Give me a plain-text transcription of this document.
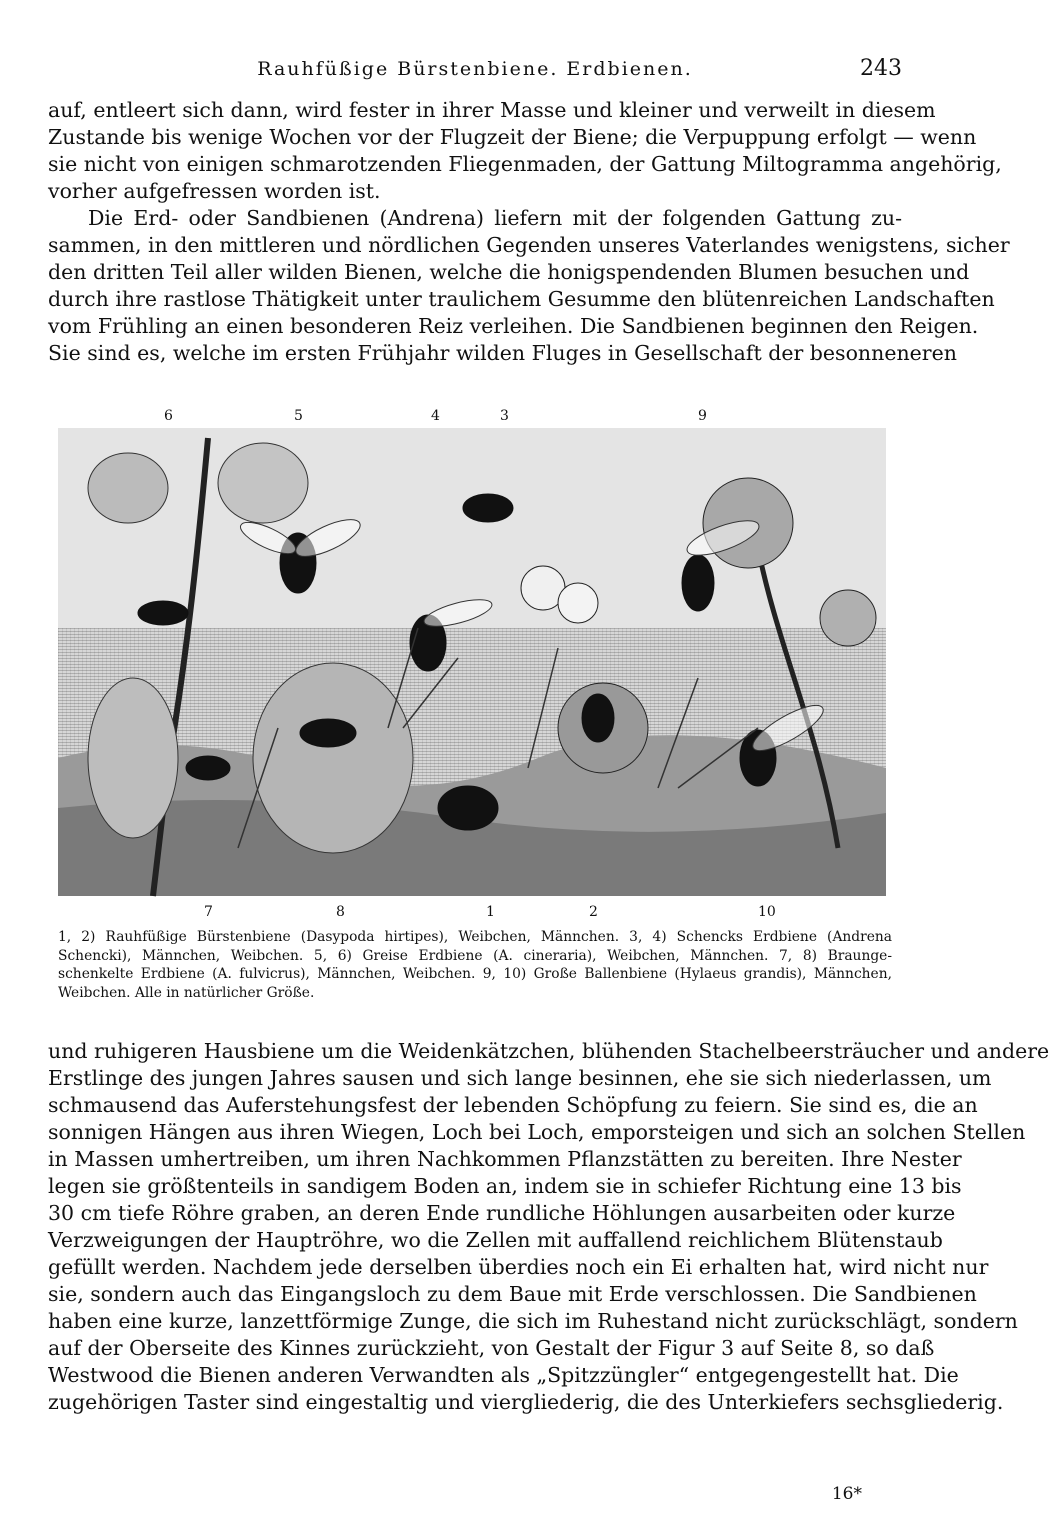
Rauhfüßige Bürstenbiene. Erdbienen.	243
auf, entleert sich dann, wird fester in ihrer Masse und kleiner und verweilt in diesem
Zustande bis wenige Wochen vor der Flugzeit der Biene; die Verpuppung erfolgt — wenn
sie nicht von einigen schmarotzenden Fliegenmaden, der Gattung Miltogramma angehörig,
vorher aufgefressen worden ist.
Die Erd- oder Sandbienen (Andrena) liefern mit der folgenden Gattung zu-
sammen, in den mittleren und nördlichen Gegenden unseres Vaterlandes wenigstens, sicher
den dritten Teil aller wilden Bienen, welche die honigspendenden Blumen besuchen und
durch ihre rastlose Thätigkeit unter traulichem Gesumme den blütenreichen Landschaften
vom Frühling an einen besonderen Reiz verleihen. Die Sandbienen beginnen den Reigen.
Sie sind es, welche im ersten Frühjahr wilden Fluges in Gesellschaft der besonneneren
6	5	4	3	9
7	8	1	2	10
1, 2) Rauhfüßige Bürstenbiene (Dasypoda hirtipes), Weibchen, Männchen. 3, 4) Schencks Erdbiene (Andrena
Schencki), Männchen, Weibchen. 5, 6) Greise Erdbiene (A. cineraria), Weibchen, Männchen. 7, 8) Braunge-
schenkelte Erdbiene (A. fulvicrus), Männchen, Weibchen. 9, 10) Große Ballenbiene (Hylaeus grandis), Männchen,
Weibchen. Alle in natürlicher Größe.
und ruhigeren Hausbiene um die Weidenkätzchen, blühenden Stachelbeersträucher und andere
Erstlinge des jungen Jahres sausen und sich lange besinnen, ehe sie sich niederlassen, um
schmausend das Auferstehungsfest der lebenden Schöpfung zu feiern. Sie sind es, die an
sonnigen Hängen aus ihren Wiegen, Loch bei Loch, emporsteigen und sich an solchen Stellen
in Massen umhertreiben, um ihren Nachkommen Pflanzstätten zu bereiten. Ihre Nester
legen sie größtenteils in sandigem Boden an, indem sie in schiefer Richtung eine 13 bis
30 cm tiefe Röhre graben, an deren Ende rundliche Höhlungen ausarbeiten oder kurze
Verzweigungen der Hauptröhre, wo die Zellen mit auffallend reichlichem Blütenstaub
gefüllt werden. Nachdem jede derselben überdies noch ein Ei erhalten hat, wird nicht nur
sie, sondern auch das Eingangsloch zu dem Baue mit Erde verschlossen. Die Sandbienen
haben eine kurze, lanzettförmige Zunge, die sich im Ruhestand nicht zurückschlägt, sondern
auf der Oberseite des Kinnes zurückzieht, von Gestalt der Figur 3 auf Seite 8, so daß
Westwood die Bienen anderen Verwandten als „Spitzzüngler“ entgegengestellt hat. Die
zugehörigen Taster sind eingestaltig und viergliederig, die des Unterkiefers sechsgliederig.
16*
